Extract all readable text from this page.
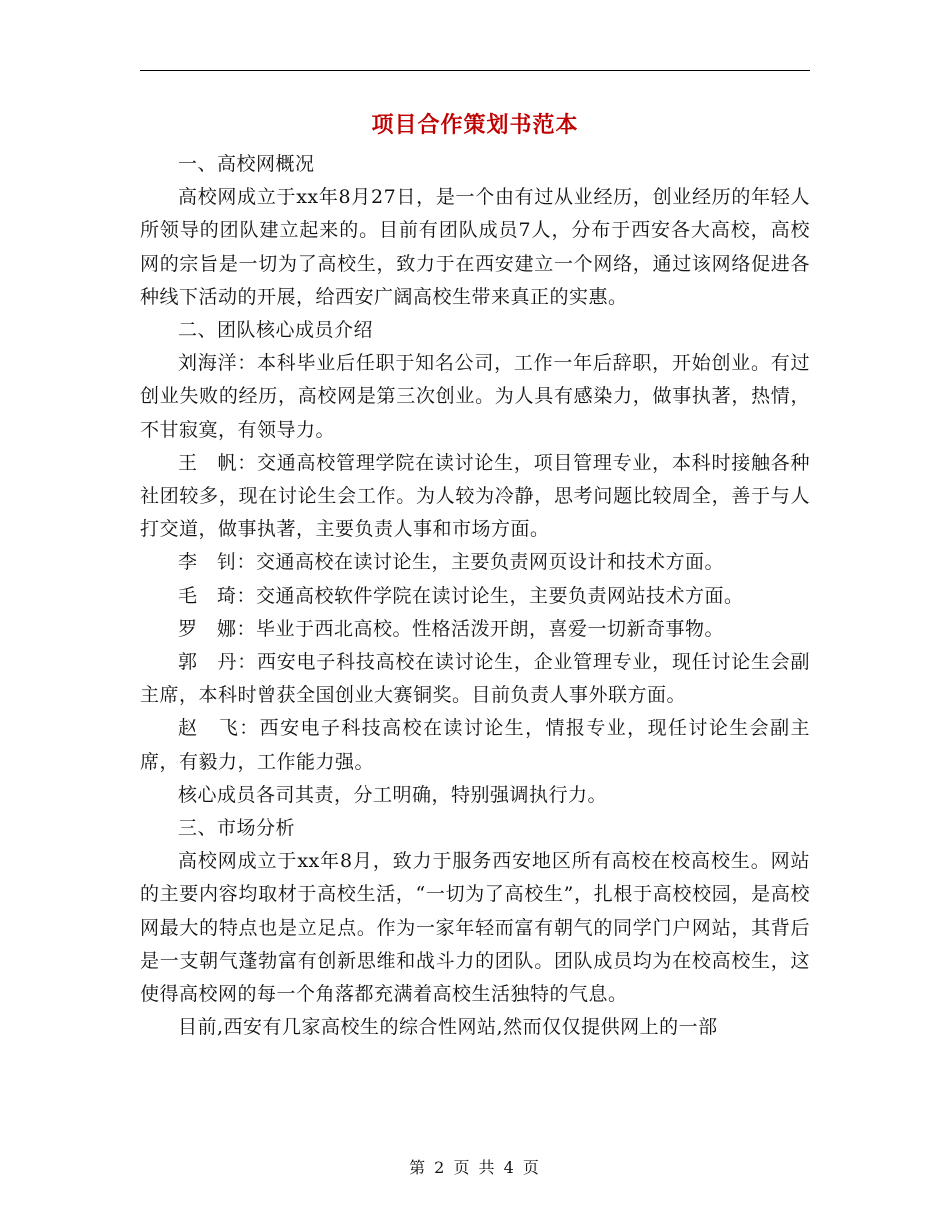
项目合作策划书范本

一、高校网概况

高校网成立于xx年8月27日，是一个由有过从业经历，创业经历的年轻人所领导的团队建立起来的。目前有团队成员7人，分布于西安各大高校，高校网的宗旨是一切为了高校生，致力于在西安建立一个网络，通过该网络促进各种线下活动的开展，给西安广阔高校生带来真正的实惠。

二、团队核心成员介绍

刘海洋：本科毕业后任职于知名公司，工作一年后辞职，开始创业。有过创业失败的经历，高校网是第三次创业。为人具有感染力，做事执著，热情，不甘寂寞，有领导力。

王　帆：交通高校管理学院在读讨论生，项目管理专业，本科时接触各种社团较多，现在讨论生会工作。为人较为冷静，思考问题比较周全，善于与人打交道，做事执著，主要负责人事和市场方面。

李　钊：交通高校在读讨论生，主要负责网页设计和技术方面。

毛　琦：交通高校软件学院在读讨论生，主要负责网站技术方面。

罗　娜：毕业于西北高校。性格活泼开朗，喜爱一切新奇事物。

郭　丹：西安电子科技高校在读讨论生，企业管理专业，现任讨论生会副主席，本科时曾获全国创业大赛铜奖。目前负责人事外联方面。

赵　飞：西安电子科技高校在读讨论生，情报专业，现任讨论生会副主席，有毅力，工作能力强。

核心成员各司其责，分工明确，特别强调执行力。

三、市场分析

高校网成立于xx年8月，致力于服务西安地区所有高校在校高校生。网站的主要内容均取材于高校生活，“一切为了高校生”，扎根于高校校园，是高校网最大的特点也是立足点。作为一家年轻而富有朝气的同学门户网站，其背后是一支朝气蓬勃富有创新思维和战斗力的团队。团队成员均为在校高校生，这使得高校网的每一个角落都充满着高校生活独特的气息。

目前,西安有几家高校生的综合性网站,然而仅仅提供网上的一部

第 2 页 共 4 页
